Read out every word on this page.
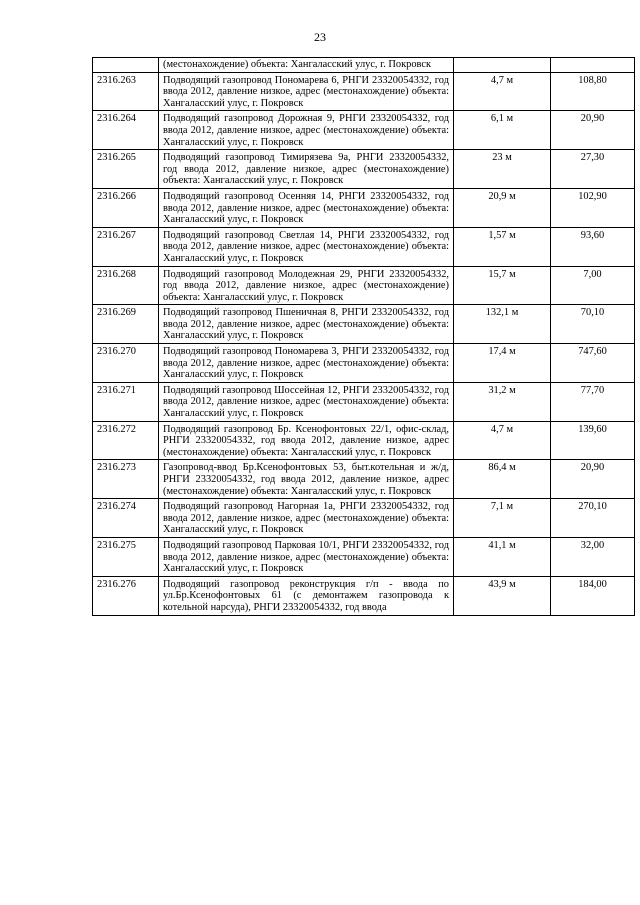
23
	(местонахождение) объекта: Хангаласский улус, г. Покровск		
2316.263	Подводящий газопровод Пономарева 6, РНГИ 23320054332, год ввода 2012, давление низкое, адрес (местонахождение) объекта: Хангаласский улус, г. Покровск	4,7 м	108,80
2316.264	Подводящий газопровод Дорожная 9, РНГИ 23320054332, год ввода 2012, давление низкое, адрес (местонахождение) объекта: Хангаласский улус, г. Покровск	6,1 м	20,90
2316.265	Подводящий газопровод Тимирязева 9а, РНГИ 23320054332, год ввода 2012, давление низкое, адрес (местонахождение) объекта: Хангаласский улус, г. Покровск	23 м	27,30
2316.266	Подводящий газопровод Осенняя 14, РНГИ 23320054332, год ввода 2012, давление низкое, адрес (местонахождение) объекта: Хангаласский улус, г. Покровск	20,9 м	102,90
2316.267	Подводящий газопровод Светлая 14, РНГИ 23320054332, год ввода 2012, давление низкое, адрес (местонахождение) объекта: Хангаласский улус, г. Покровск	1,57 м	93,60
2316.268	Подводящий газопровод Молодежная 29, РНГИ 23320054332, год ввода 2012, давление низкое, адрес (местонахождение) объекта: Хангаласский улус, г. Покровск	15,7 м	7,00
2316.269	Подводящий газопровод Пшеничная 8, РНГИ 23320054332, год ввода 2012, давление низкое, адрес (местонахождение) объекта: Хангаласский улус, г. Покровск	132,1 м	70,10
2316.270	Подводящий газопровод Пономарева 3, РНГИ 23320054332, год ввода 2012, давление низкое, адрес (местонахождение) объекта: Хангаласский улус, г. Покровск	17,4 м	747,60
2316.271	Подводящий газопровод Шоссейная 12, РНГИ 23320054332, год ввода 2012, давление низкое, адрес (местонахождение) объекта: Хангаласский улус, г. Покровск	31,2 м	77,70
2316.272	Подводящий газопровод Бр. Ксенофонтовых 22/1, офис-склад, РНГИ 23320054332, год ввода 2012, давление низкое, адрес (местонахождение) объекта: Хангаласский улус, г. Покровск	4,7 м	139,60
2316.273	Газопровод-ввод Бр.Ксенофонтовых 53, быт.котельная и ж/д, РНГИ 23320054332, год ввода 2012, давление низкое, адрес (местонахождение) объекта: Хангаласский улус, г. Покровск	86,4 м	20,90
2316.274	Подводящий газопровод Нагорная 1а, РНГИ 23320054332, год ввода 2012, давление низкое, адрес (местонахождение) объекта: Хангаласский улус, г. Покровск	7,1 м	270,10
2316.275	Подводящий газопровод Парковая 10/1, РНГИ 23320054332, год ввода 2012, давление низкое, адрес (местонахождение) объекта: Хангаласский улус, г. Покровск	41,1 м	32,00
2316.276	Подводящий газопровод реконструкция г/п - ввода по ул.Бр.Ксенофонтовых 61 (с демонтажем газопровода к котельной нарсуда), РНГИ 23320054332, год ввода	43,9 м	184,00
